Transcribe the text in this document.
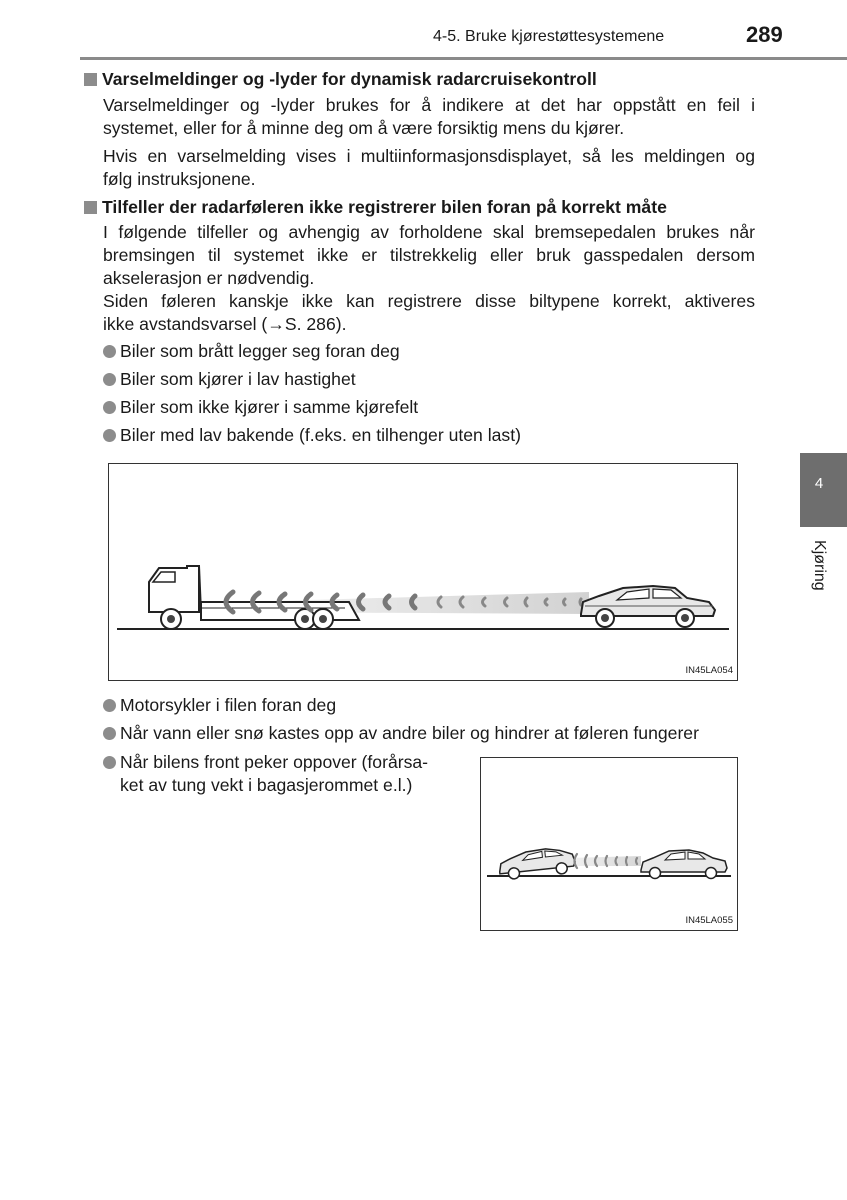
4-5. Bruke kjørestøttesystemene	289
Varselmeldinger og -lyder for dynamisk radarcruisekontroll
Varselmeldinger og -lyder brukes for å indikere at det har oppstått en feil i
systemet, eller for å minne deg om å være forsiktig mens du kjører.
Hvis en varselmelding vises i multiinformasjonsdisplayet, så les meldingen og
følg instruksjonene.
Tilfeller der radarføleren ikke registrerer bilen foran på korrekt måte
I følgende tilfeller og avhengig av forholdene skal bremsepedalen brukes når
bremsingen til systemet ikke er tilstrekkelig eller bruk gasspedalen dersom
akselerasjon er nødvendig.
Siden føleren kanskje ikke kan registrere disse biltypene korrekt, aktiveres
ikke avstandsvarsel (→S. 286).
Biler som brått legger seg foran deg
Biler som kjører i lav hastighet
Biler som ikke kjører i samme kjørefelt
Biler med lav bakende (f.eks. en tilhenger uten last)
IN45LA054
Motorsykler i filen foran deg
Når vann eller snø kastes opp av andre biler og hindrer at føleren fungerer
Når bilens front peker oppover (forårsa-
ket av tung vekt i bagasjerommet e.l.)
IN45LA055
4
Kjøring
